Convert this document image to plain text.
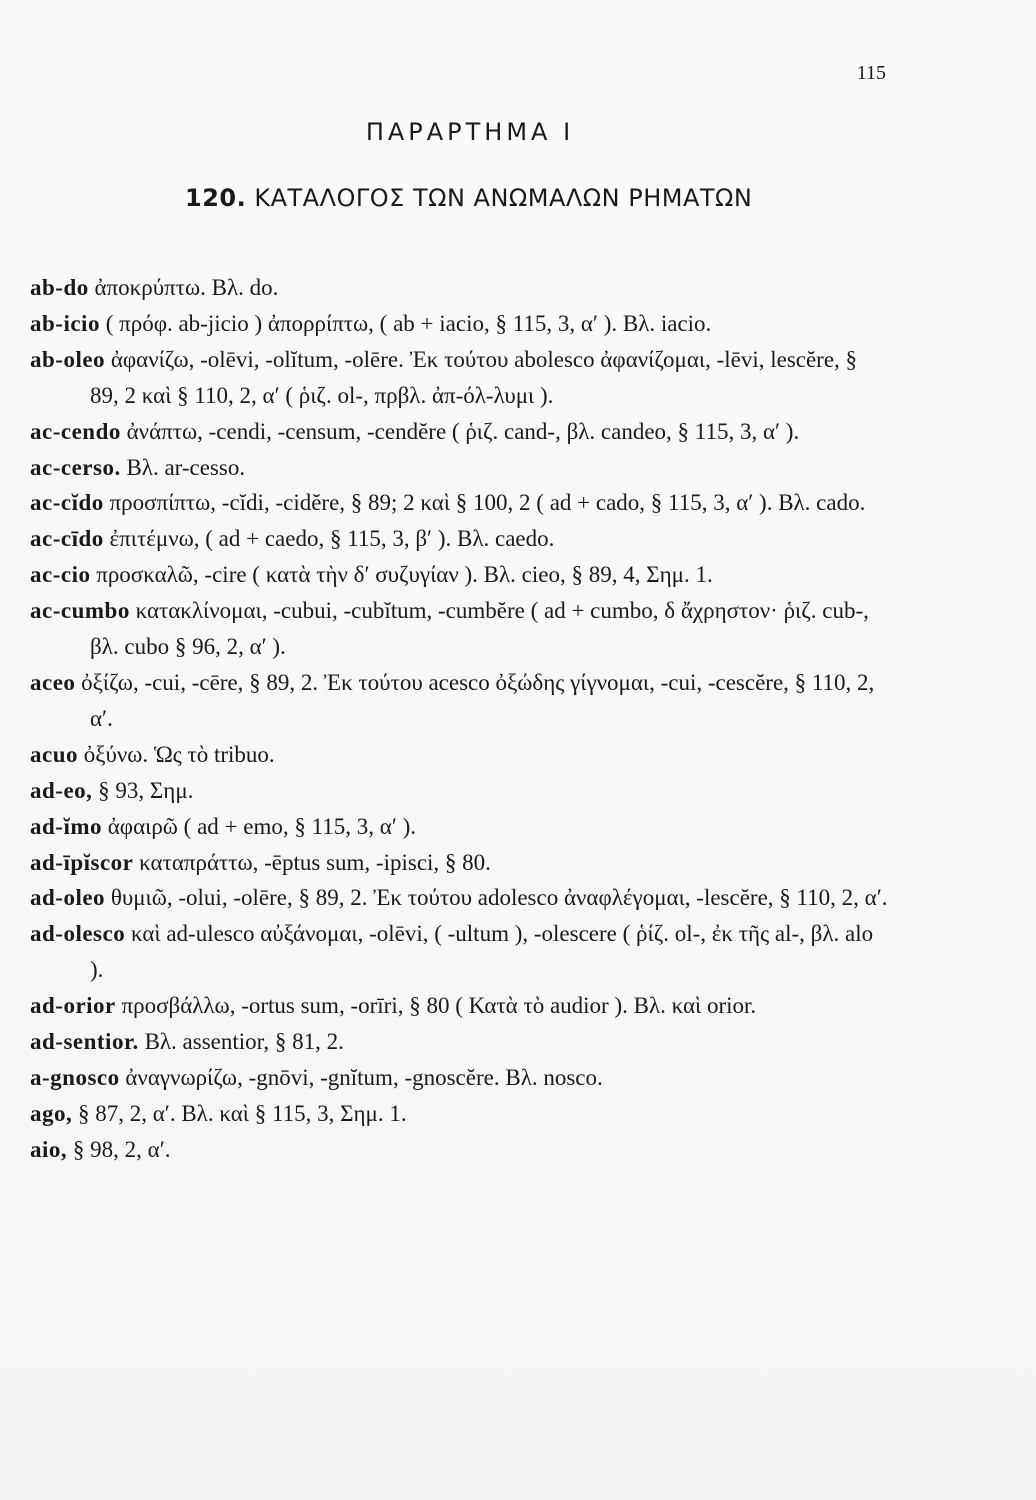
115
ΠΑΡΑΡΤΗΜΑ Ι
120. ΚΑΤΑΛΟΓΟΣ ΤΩΝ ΑΝΩΜΑΛΩΝ ΡΗΜΑΤΩΝ

ab-do ἀποκρύπτω. Βλ. do.

ab-icio ( πρόφ. ab-jicio ) ἀπορρίπτω, ( ab + iacio, § 115, 3, α′ ). Βλ. iacio.

ab-oleo ἀφανίζω, -olēvi, -olĭtum, -olēre. Ἐκ τούτου abolesco ἀφανίζομαι, -lēvi, lescĕre, § 89, 2 καὶ § 110, 2, α′ ( ῥιζ. ol-, πρβλ. ἀπ-όλ-λυμι ).

ac-cendo ἀνάπτω, -cendi, -censum, -cendĕre ( ῥιζ. cand-, βλ. candeo, § 115, 3, α′ ).

ac-cerso. Βλ. ar-cesso.

ac-cĭdo προσπίπτω, -cĭdi, -cidĕre, § 89; 2 καὶ § 100, 2 ( ad + cado, § 115, 3, α′ ). Βλ. cado.

ac-cīdo ἐπιτέμνω, ( ad + caedo, § 115, 3, β′ ). Βλ. caedo.

ac-cio προσκαλῶ, -cire ( κατὰ τὴν δ′ συζυγίαν ). Βλ. cieo, § 89, 4, Σημ. 1.

ac-cumbo κατακλίνομαι, -cubui, -cubĭtum, -cumbĕre ( ad + cumbo, δ ἄχρηστον· ῥιζ. cub-, βλ. cubo § 96, 2, α′ ).

aceo ὀξίζω, -cui, -cēre, § 89, 2. Ἐκ τούτου acesco ὀξώδης γίγνομαι, -cui, -cescĕre, § 110, 2, α′.

acuo ὀξύνω. Ὡς τὸ tribuo.

ad-eo, § 93, Σημ.

ad-ĭmo ἀφαιρῶ ( ad + emo, § 115, 3, α′ ).

ad-īpĭscor καταπράττω, -ēptus sum, -ipisci, § 80.

ad-oleo θυμιῶ, -olui, -olēre, § 89, 2. Ἐκ τούτου adolesco ἀναφλέγομαι, -lescĕre, § 110, 2, α′.

ad-olesco καὶ ad-ulesco αὐξάνομαι, -olēvi, ( -ultum ), -olescere ( ῥίζ. ol-, ἐκ τῆς al-, βλ. alo ).

ad-orior προσβάλλω, -ortus sum, -orīri, § 80 ( Κατὰ τὸ audior ). Βλ. καὶ orior.

ad-sentior. Βλ. assentior, § 81, 2.

a-gnosco ἀναγνωρίζω, -gnōvi, -gnĭtum, -gnoscĕre. Βλ. nosco.

ago, § 87, 2, α′. Βλ. καὶ § 115, 3, Σημ. 1.

aio, § 98, 2, α′.
